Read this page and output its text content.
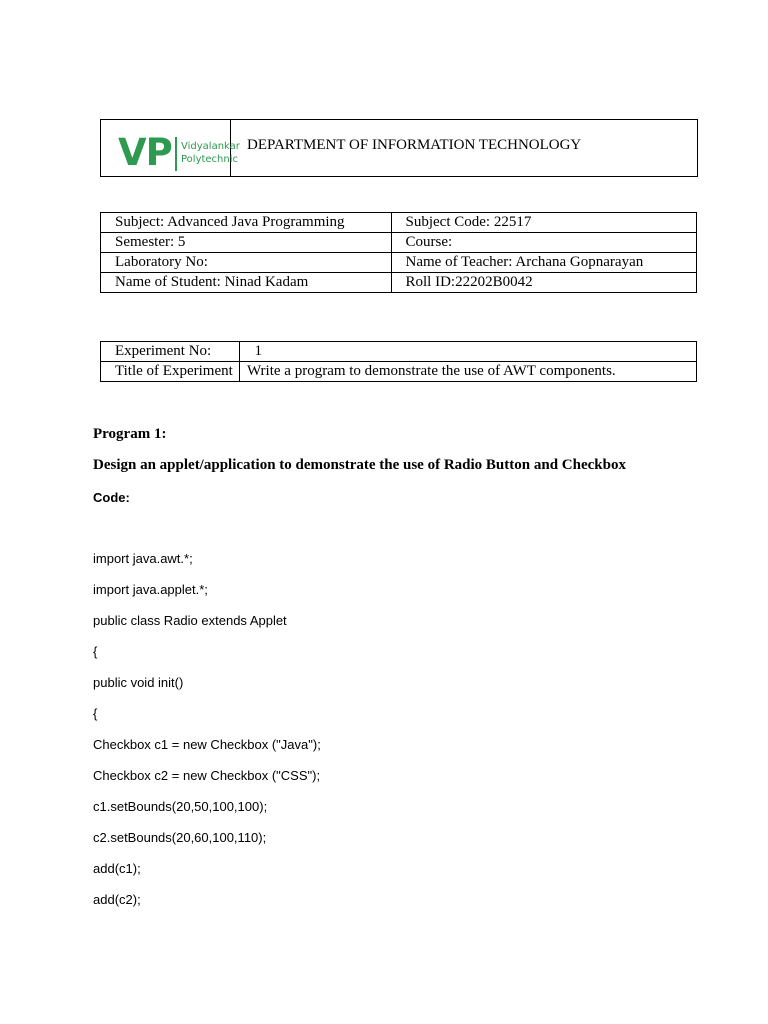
VP Vidyalankar
Polytechnic
DEPARTMENT OF INFORMATION TECHNOLOGY
Subject: Advanced Java Programming	Subject Code: 22517
Semester: 5	Course:
Laboratory No:	Name of Teacher: Archana Gopnarayan
Name of Student: Ninad Kadam	Roll ID:22202B0042
Experiment No:	1
Title of Experiment	Write a program to demonstrate the use of AWT components.
Program 1:
Design an applet/application to demonstrate the use of Radio Button and Checkbox
Code:
import java.awt.*;
import java.applet.*;
public class Radio extends Applet
{
public void init()
{
Checkbox c1 = new Checkbox ("Java");
Checkbox c2 = new Checkbox ("CSS");
c1.setBounds(20,50,100,100);
c2.setBounds(20,60,100,110);
add(c1);
add(c2);
